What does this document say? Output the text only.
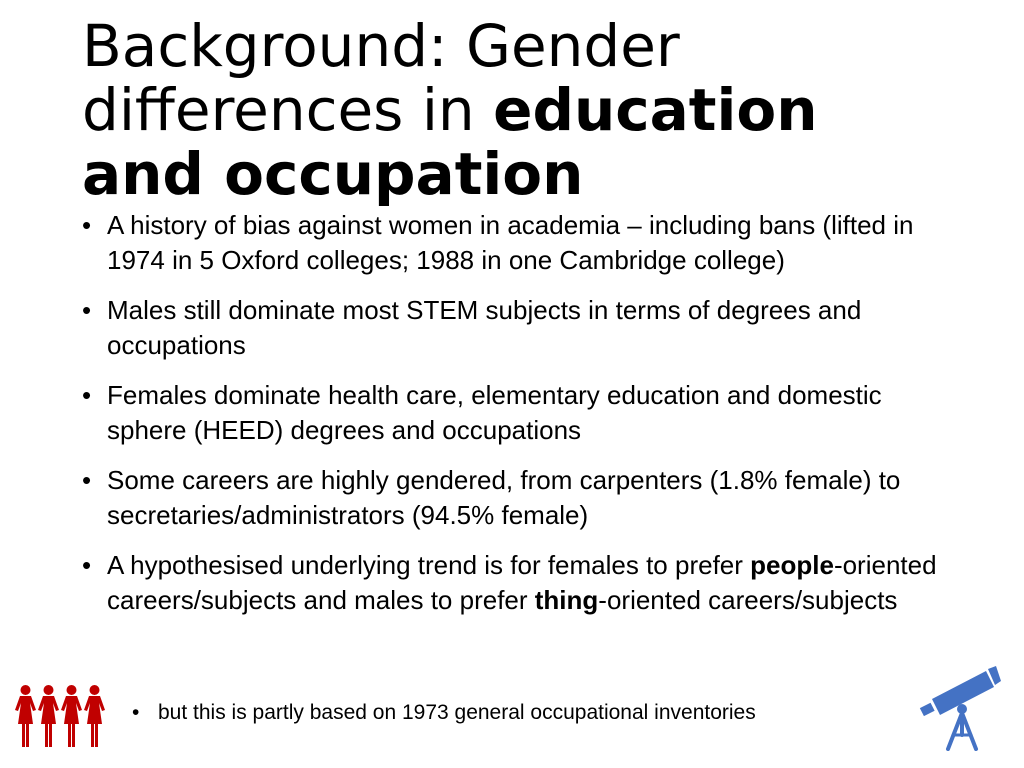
Background: Gender differences in education and occupation
• A history of bias against women in academia – including bans (lifted in 1974 in 5 Oxford colleges; 1988 in one Cambridge college)
• Males still dominate most STEM subjects in terms of degrees and occupations
• Females dominate health care, elementary education and domestic sphere (HEED) degrees and occupations
• Some careers are highly gendered, from carpenters (1.8% female) to secretaries/administrators (94.5% female)
• A hypothesised underlying trend is for females to prefer people-oriented careers/subjects and males to prefer thing-oriented careers/subjects
• but this is partly based on 1973 general occupational inventories
